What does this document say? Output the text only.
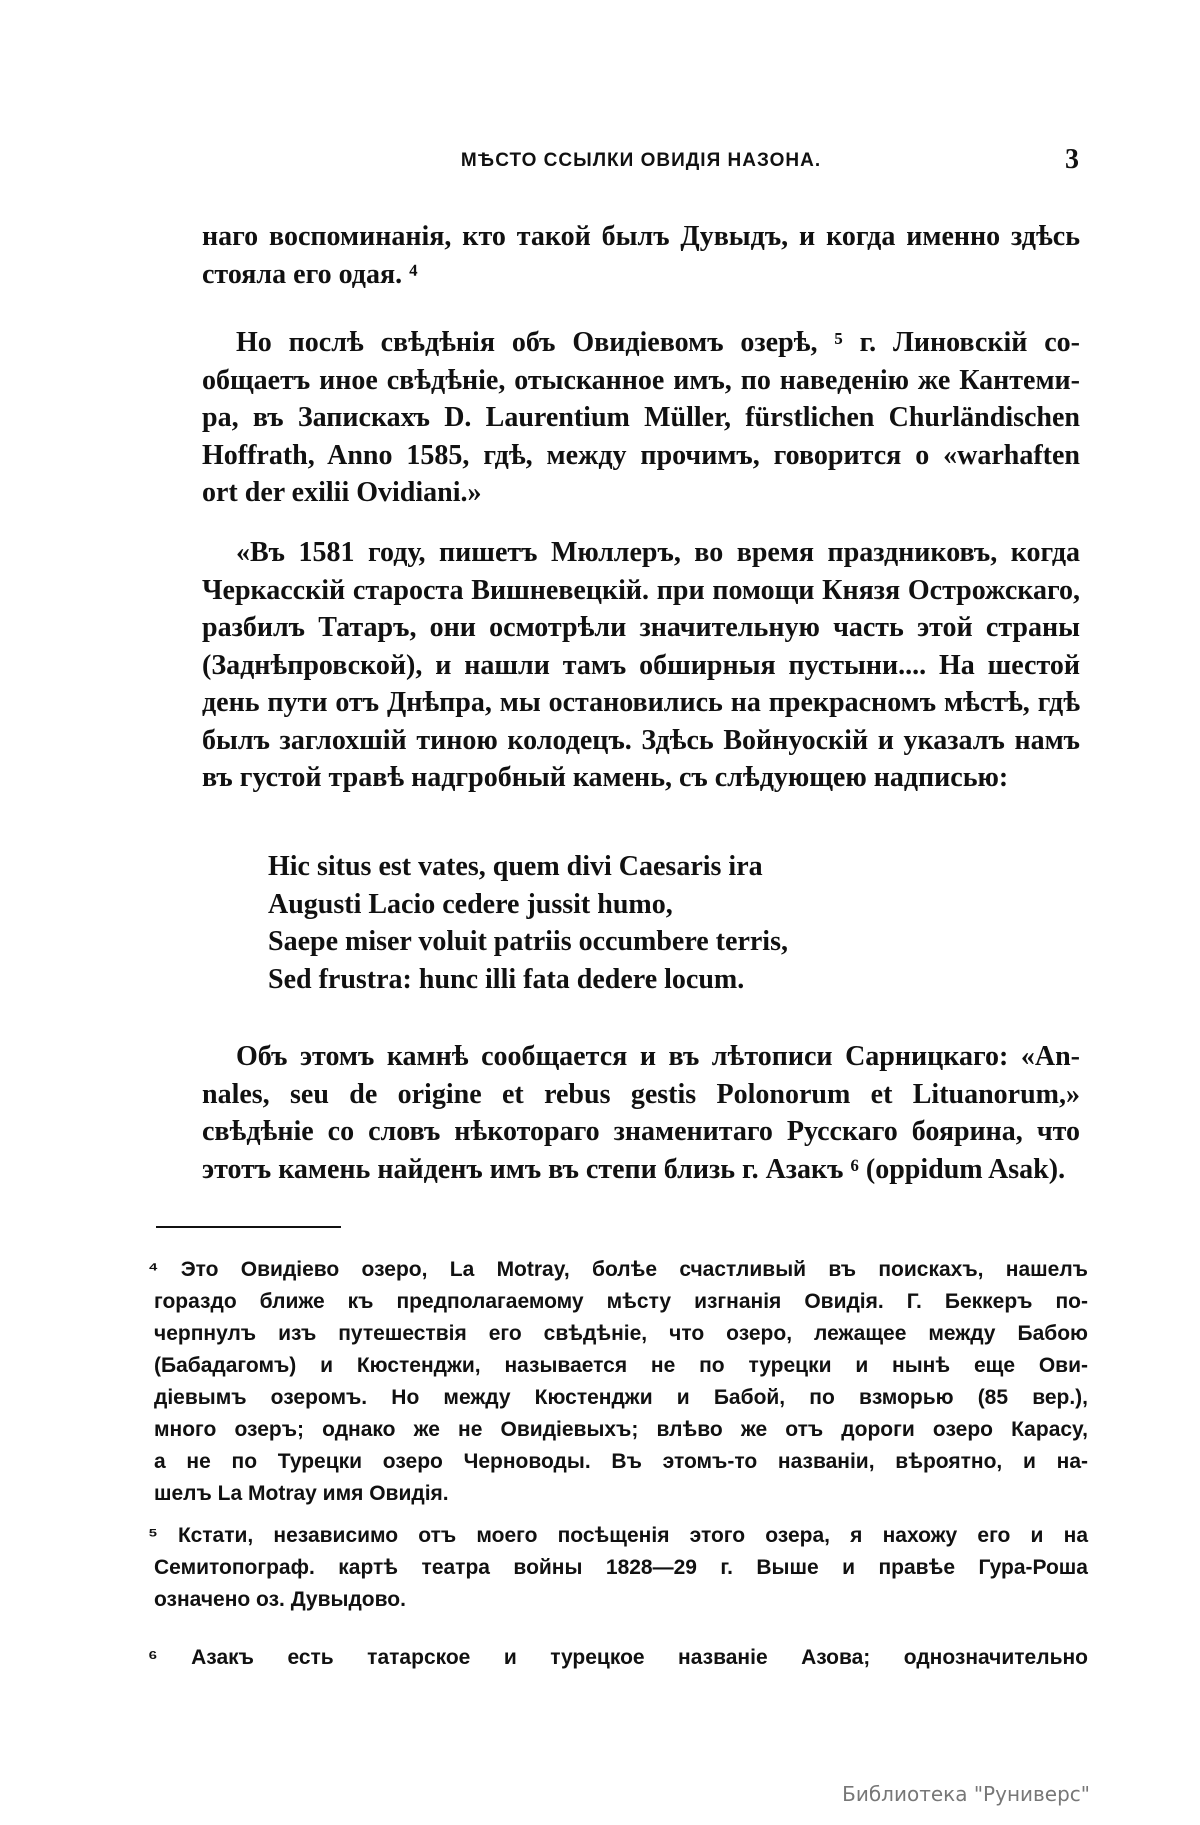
МѢСТО ССЫЛКИ ОВИДІЯ НАЗОНА.	3
наго воспоминанія, кто такой былъ Дувыдъ, и когда именно здѣсь
стояла его одая. ⁴
Но послѣ свѣдѣнія объ Овидіевомъ озерѣ, ⁵ г. Линовскій со-
общаетъ иное свѣдѣніе, отысканное имъ, по наведенію же Кантеми-
ра, въ Запискахъ D. Laurentium Müller, fürstlichen Churländischen
Hoffrath, Anno 1585, гдѣ, между прочимъ, говорится о «warhaften
ort der exilii Ovidiani.»
«Въ 1581 году, пишетъ Мюллеръ, во время праздниковъ, когда
Черкасскій староста Вишневецкій. при помощи Князя Острожскаго,
разбилъ Татаръ, они осмотрѣли значительную часть этой страны
(Заднѣпровской), и нашли тамъ обширныя пустыни.... На шестой
день пути отъ Днѣпра, мы остановились на прекрасномъ мѣстѣ, гдѣ
былъ заглохшій тиною колодецъ. Здѣсь Войнуоскій и указалъ намъ
въ густой травѣ надгробный камень, съ слѣдующею надписью:
Hic situs est vates, quem divi Caesaris ira
Augusti Lacio cedere jussit humo,
Saepe miser voluit patriis occumbere terris,
Sed frustra: hunc illi fata dedere locum.
Объ этомъ камнѣ сообщается и въ лѣтописи Сарницкаго: «An-
nales, seu de origine et rebus gestis Polonorum et Lituanorum,»
свѣдѣніе со словъ нѣкотораго знаменитаго Русскаго боярина, что
этотъ камень найденъ имъ въ степи близь г. Азакъ ⁶ (oppidum Asak).
⁴ Это Овидіево озеро, La Motray, болѣе счастливый въ поискахъ, нашелъ
гораздо ближе къ предполагаемому мѣсту изгнанія Овидія. Г. Беккеръ по-
черпнулъ изъ путешествія его свѣдѣніе, что озеро, лежащее между Бабою
(Бабадагомъ) и Кюстенджи, называется не по турецки и нынѣ еще Ови-
діевымъ озеромъ. Но между Кюстенджи и Бабой, по взморью (85 вер.),
много озеръ; однако же не Овидіевыхъ; влѣво же отъ дороги озеро Карасу,
а не по Турецки озеро Черноводы. Въ этомъ-то названіи, вѣроятно, и на-
шелъ La Motray имя Овидія.
⁵ Кстати, независимо отъ моего посѣщенія этого озера, я нахожу его и на
Семитопограф. картѣ театра войны 1828—29 г. Выше и правѣе Гура-Роша
означено оз. Дувыдово.
⁶ Азакъ есть татарское и турецкое названіе Азова; однозначительно
Библиотека "Руниверс"
